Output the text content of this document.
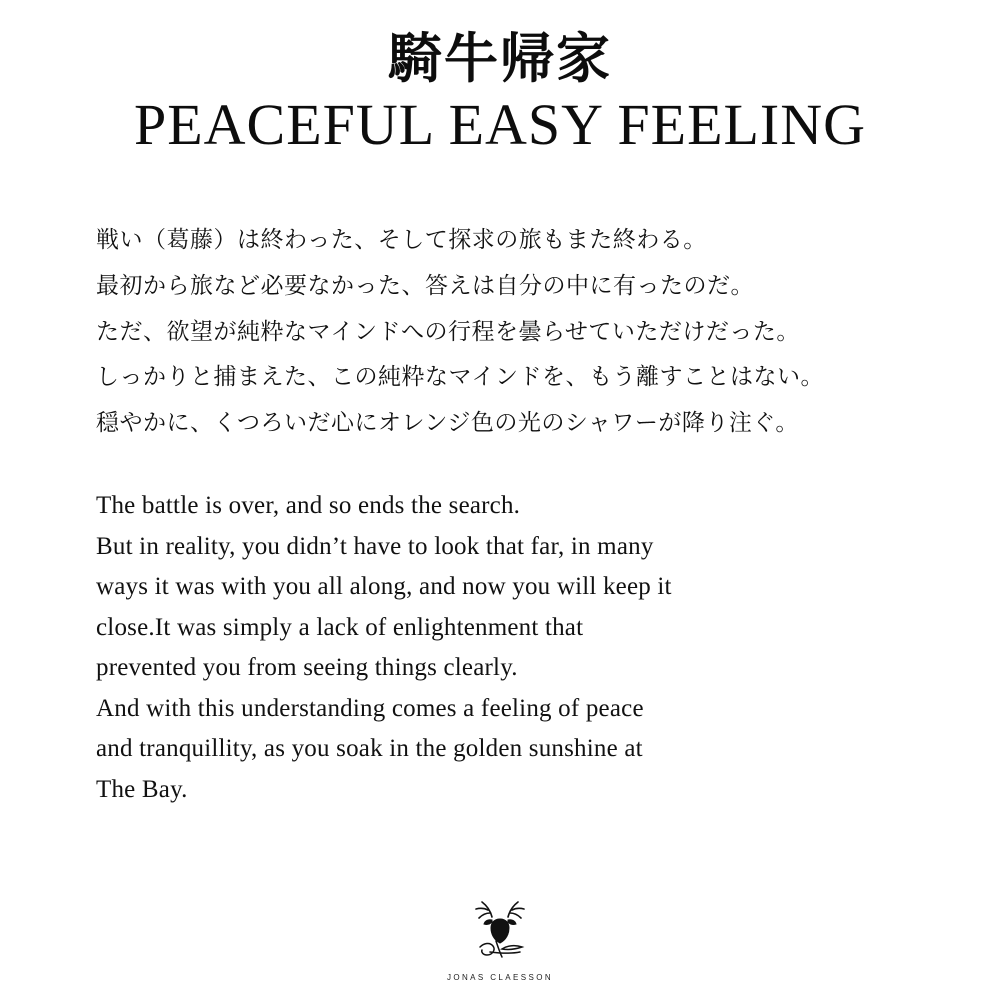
騎牛帰家
PEACEFUL EASY FEELING
戦い（葛藤）は終わった、そして探求の旅もまた終わる。
最初から旅など必要なかった、答えは自分の中に有ったのだ。
ただ、欲望が純粋なマインドへの行程を曇らせていただけだった。
しっかりと捕まえた、この純粋なマインドを、もう離すことはない。
穏やかに、くつろいだ心にオレンジ色の光のシャワーが降り注ぐ。
The battle is over, and so ends the search.
But in reality, you didn’t have to look that far, in many
ways it was with you all along, and now you will keep it
close.It was simply a lack of enlightenment that
prevented you from seeing things clearly.
And with this understanding comes a feeling of peace
and tranquillity, as you soak in the golden sunshine at
The Bay.
JONAS CLAESSON
